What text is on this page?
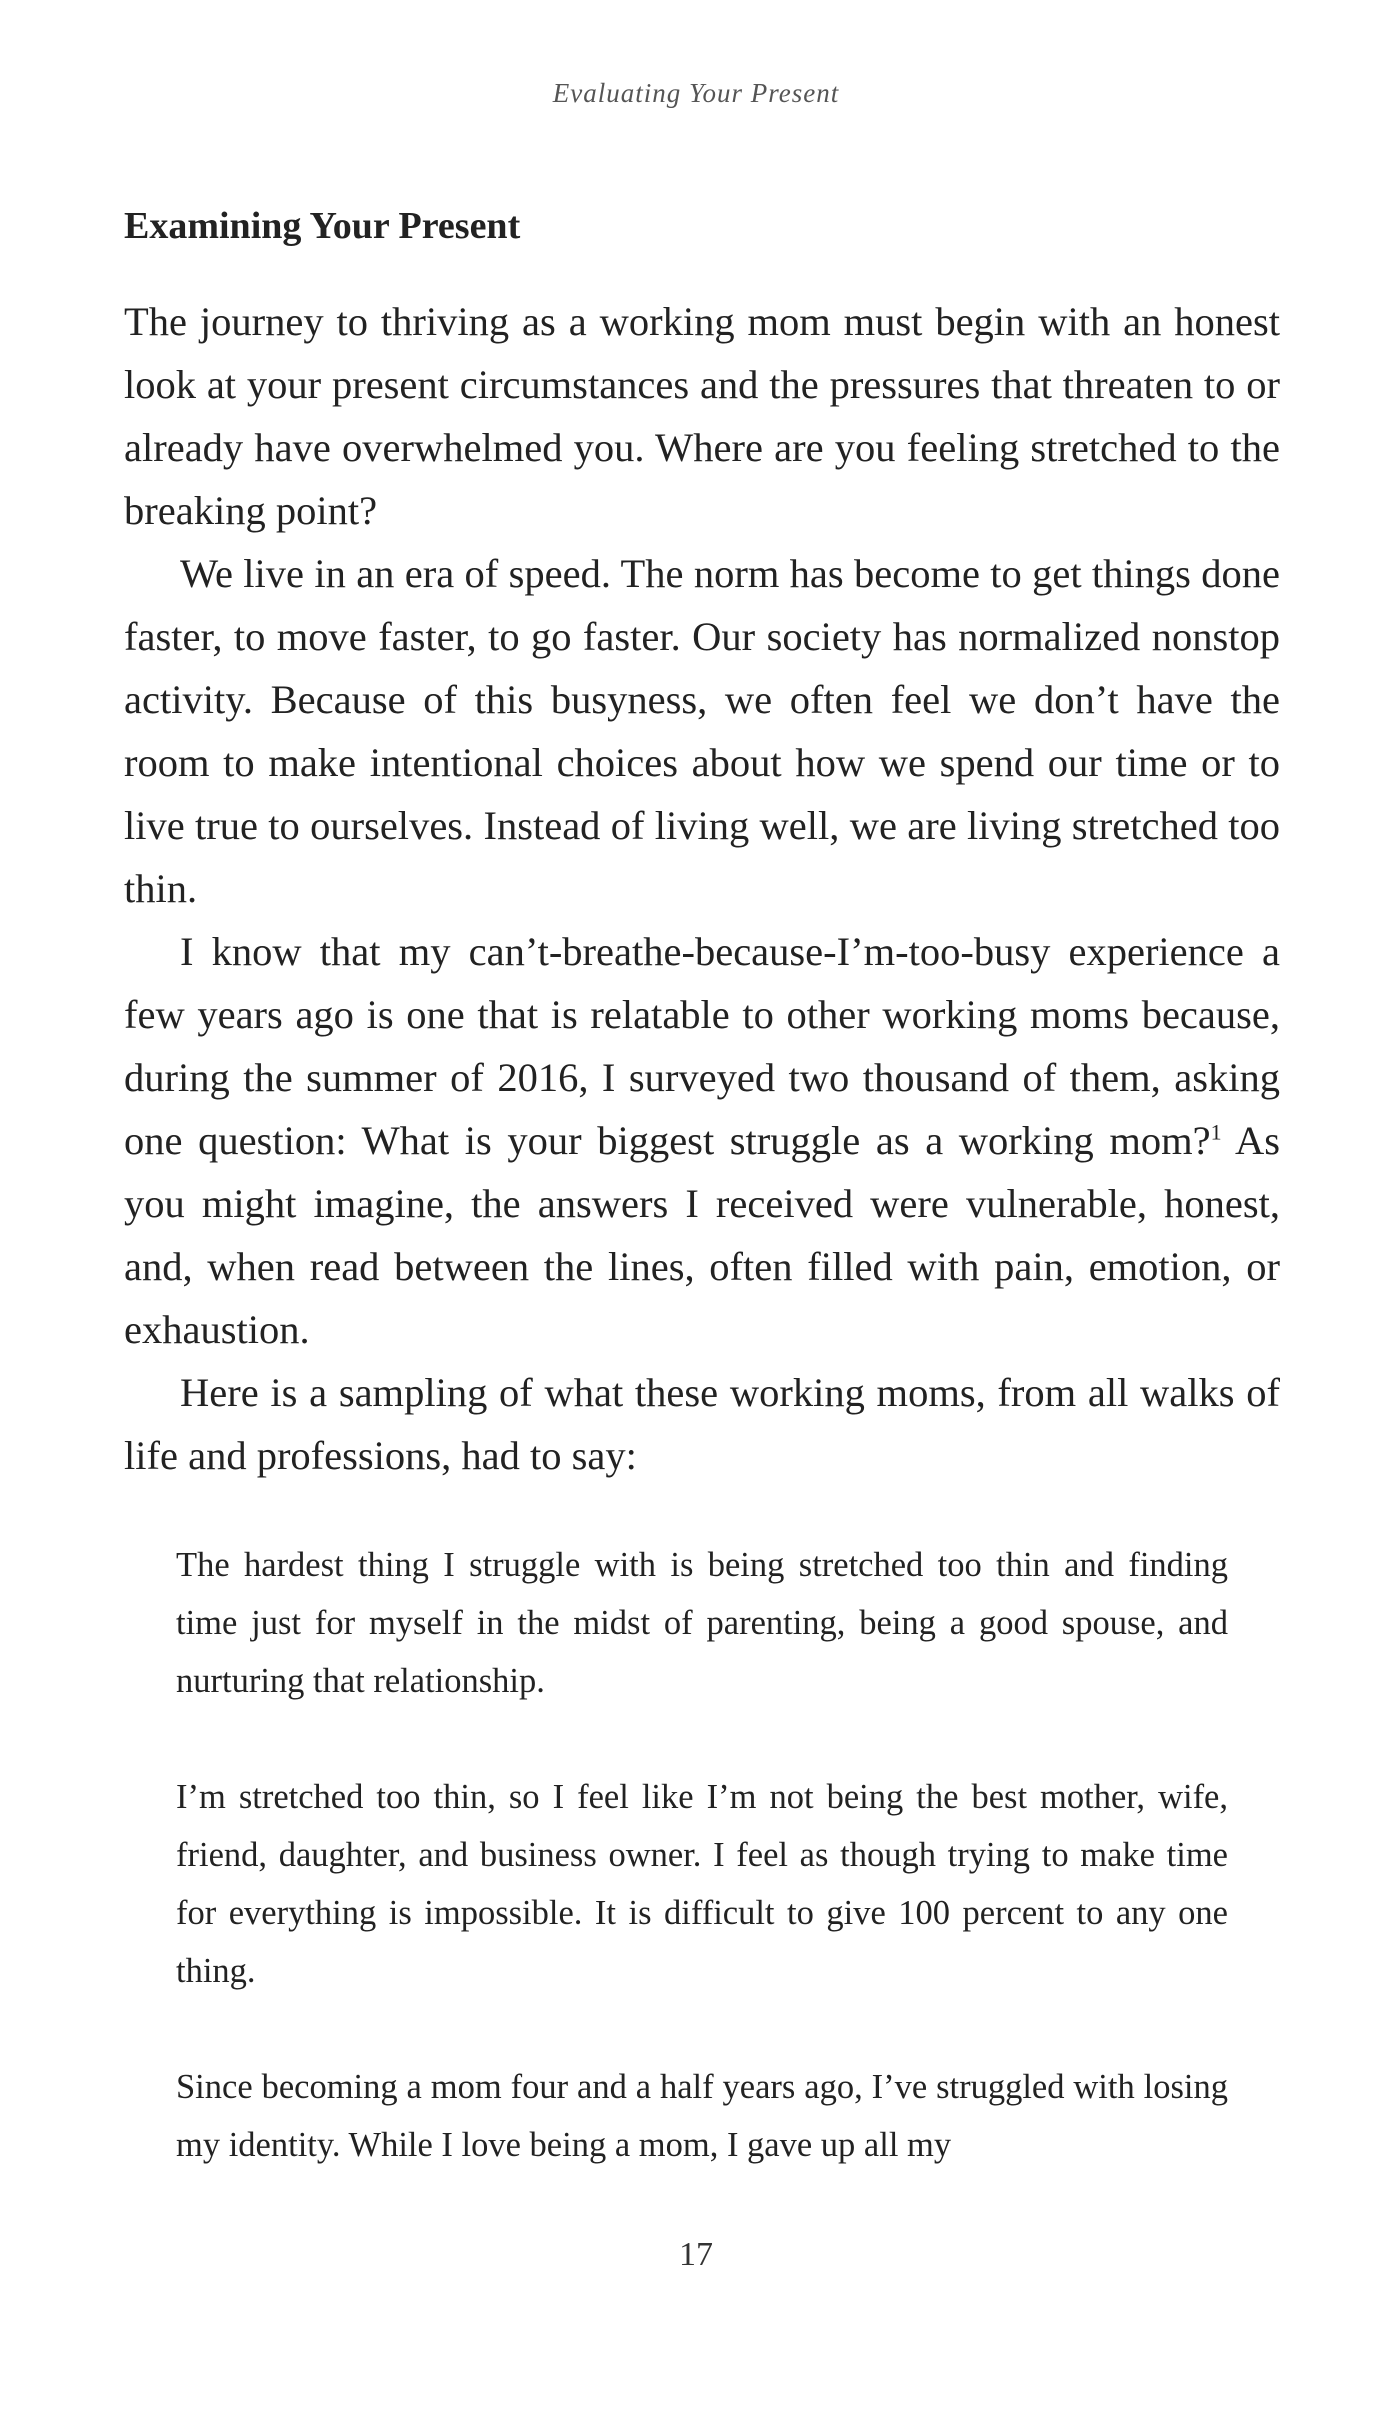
Evaluating Your Present
Examining Your Present

The journey to thriving as a working mom must begin with an honest look at your present circumstances and the pressures that threaten to or already have overwhelmed you. Where are you feeling stretched to the breaking point?

We live in an era of speed. The norm has become to get things done faster, to move faster, to go faster. Our society has normalized nonstop activity. Because of this busyness, we often feel we don’t have the room to make intentional choices about how we spend our time or to live true to ourselves. Instead of living well, we are living stretched too thin.

I know that my can’t-breathe-because-I’m-too-busy experience a few years ago is one that is relatable to other working moms because, during the summer of 2016, I surveyed two thousand of them, asking one question: What is your biggest struggle as a working mom?$^1$ As you might imagine, the answers I received were vulnerable, honest, and, when read between the lines, often filled with pain, emotion, or exhaustion.

Here is a sampling of what these working moms, from all walks of life and professions, had to say:

The hardest thing I struggle with is being stretched too thin and finding time just for myself in the midst of parenting, being a good spouse, and nurturing that relationship.

I’m stretched too thin, so I feel like I’m not being the best mother, wife, friend, daughter, and business owner. I feel as though trying to make time for everything is impossible. It is difficult to give 100 percent to any one thing.

Since becoming a mom four and a half years ago, I’ve struggled with losing my identity. While I love being a mom, I gave up all my

17
